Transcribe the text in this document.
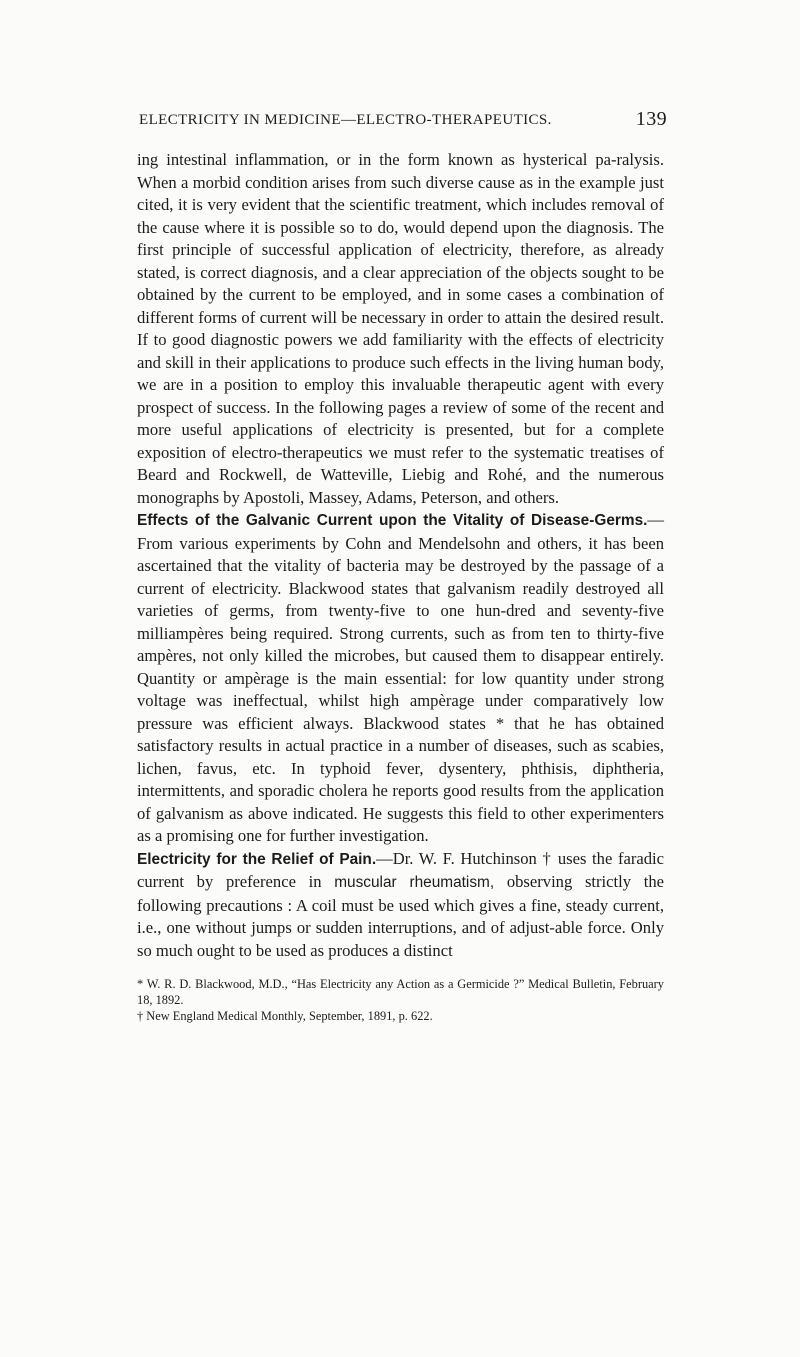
ELECTRICITY IN MEDICINE—ELECTRO-THERAPEUTICS.	139

ing intestinal inflammation, or in the form known as hysterical pa-ralysis. When a morbid condition arises from such diverse cause as in the example just cited, it is very evident that the scientific treatment, which includes removal of the cause where it is possible so to do, would depend upon the diagnosis. The first principle of successful application of electricity, therefore, as already stated, is correct diagnosis, and a clear appreciation of the objects sought to be obtained by the current to be employed, and in some cases a combination of different forms of current will be necessary in order to attain the desired result. If to good diagnostic powers we add familiarity with the effects of electricity and skill in their applications to produce such effects in the living human body, we are in a position to employ this invaluable therapeutic agent with every prospect of success. In the following pages a review of some of the recent and more useful applications of electricity is presented, but for a complete exposition of electro-therapeutics we must refer to the systematic treatises of Beard and Rockwell, de Watteville, Liebig and Rohé, and the numerous monographs by Apostoli, Massey, Adams, Peterson, and others.

Effects of the Galvanic Current upon the Vitality of Disease-Germs.—From various experiments by Cohn and Mendelsohn and others, it has been ascertained that the vitality of bacteria may be destroyed by the passage of a current of electricity. Blackwood states that galvanism readily destroyed all varieties of germs, from twenty-five to one hun-dred and seventy-five milliampères being required. Strong currents, such as from ten to thirty-five ampères, not only killed the microbes, but caused them to disappear entirely. Quantity or ampèrage is the main essential: for low quantity under strong voltage was ineffectual, whilst high ampèrage under comparatively low pressure was efficient always. Blackwood states * that he has obtained satisfactory results in actual practice in a number of diseases, such as scabies, lichen, favus, etc. In typhoid fever, dysentery, phthisis, diphtheria, intermittents, and sporadic cholera he reports good results from the application of galvanism as above indicated. He suggests this field to other experimenters as a promising one for further investigation.

Electricity for the Relief of Pain.—Dr. W. F. Hutchinson † uses the faradic current by preference in muscular rheumatism, observing strictly the following precautions : A coil must be used which gives a fine, steady current, i.e., one without jumps or sudden interruptions, and of adjust-able force. Only so much ought to be used as produces a distinct

* W. R. D. Blackwood, M.D., “Has Electricity any Action as a Germicide ?” Medical Bulletin, February 18, 1892.

† New England Medical Monthly, September, 1891, p. 622.
